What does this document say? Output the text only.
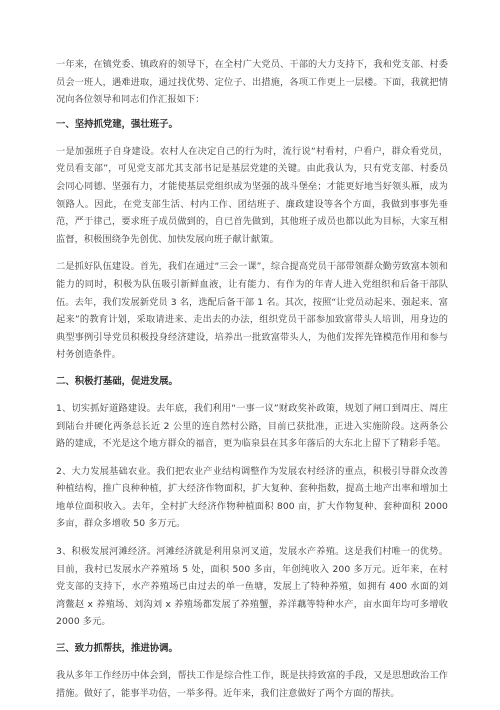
一年来，在镇党委、镇政府的领导下，在全村广大党员、干部的大力支持下，我和党支部、村委员会一班人，遇难进取，通过找优势、定位子、出措施，各项工作更上一层楼。下面，我就把情况向各位领导和同志们作汇报如下：

一、坚持抓党建，强壮班子。

一是加强班子自身建设。农村人在决定自己的行为时，流行说“村看村，户看户，群众看党员，党员看支部”，可见党支部尤其支部书记是基层党建的关键。由此我认为，只有党支部、村委员会同心同德、坚强有力，才能使基层党组织成为坚强的战斗堡垒；才能更好地当好领头雁，成为领路人。因此，在党支部生活、村内工作、团结班子、廉政建设等各个方面，我做到事事先垂范，严于律己，要求班子成员做到的，自已首先做到，其他班子成员也都以此为目标，大家互相监督，积极围绕争先创优、加快发展向班子献计献策。

二是抓好队伍建设。首先，我们在通过“三会一课”，综合提高党员干部带领群众勤劳致富本领和能力的同时，积极为队伍吸引新鲜血液，让有能力、有作为的年青人进入党组织和后备干部队伍。去年，我们发展新党员 3 名，选配后备干部 1 名。其次，按照“让党员动起来、强起来、富起来”的教育计划，采取请进来、走出去的办法，组织党员干部参加致富带头人培训，用身边的典型事例引导党员积极投身经济建设，培养出一批致富带头人，为他们发挥先锋模范作用和参与村务创造条件。

二、积极打基础，促进发展。

1、切实抓好道路建设。去年底，我们利用“一事一议”财政奖补政策，规划了闸口到周庄、周庄到陆台并硬化两条总长近 2 公里的连自然村公路，目前已获批准，正进入实施阶段。这两条公路的建成，不光是这个地方群众的福音，更为临泉县在其多年落后的大东北上留下了精彩手笔。

2、大力发展基础农业。我们把农业产业结构调整作为发展农村经济的重点，积极引导群众改善种植结构，推广良种种植，扩大经济作物面积，扩大复种、套种指数，提高土地产出率和增加土地单位面积收入。去年，全村扩大经济作物种植面积 800 亩，扩大作物复种、套种面积 2000 多亩，群众多增收 50 多万元。

3、积极发展河滩经济。河滩经济就是利用泉河叉道，发展水产养殖。这是我们村唯一的优势。目前，我村已发展水产养殖场 5 处，面积 500 多亩，年创纯收入 200 多万元。近年来，在村党支部的支持下，水产养殖场已由过去的单一鱼塘，发展上了特种养殖，如拥有 400 水面的刘湾鳖赵 x 养殖场、刘沟刘 x 养殖场都发展了养殖蟹，养洋藕等特种水产，亩水面年均可多增收 2000 多元。

三、致力抓帮扶，推进协调。

我从多年工作经历中体会到，帮扶工作是综合性工作，既是扶持致富的手段，又是思想政治工作措施。做好了，能事半功倍，一举多得。近年来，我们注意做好了两个方面的帮扶。
